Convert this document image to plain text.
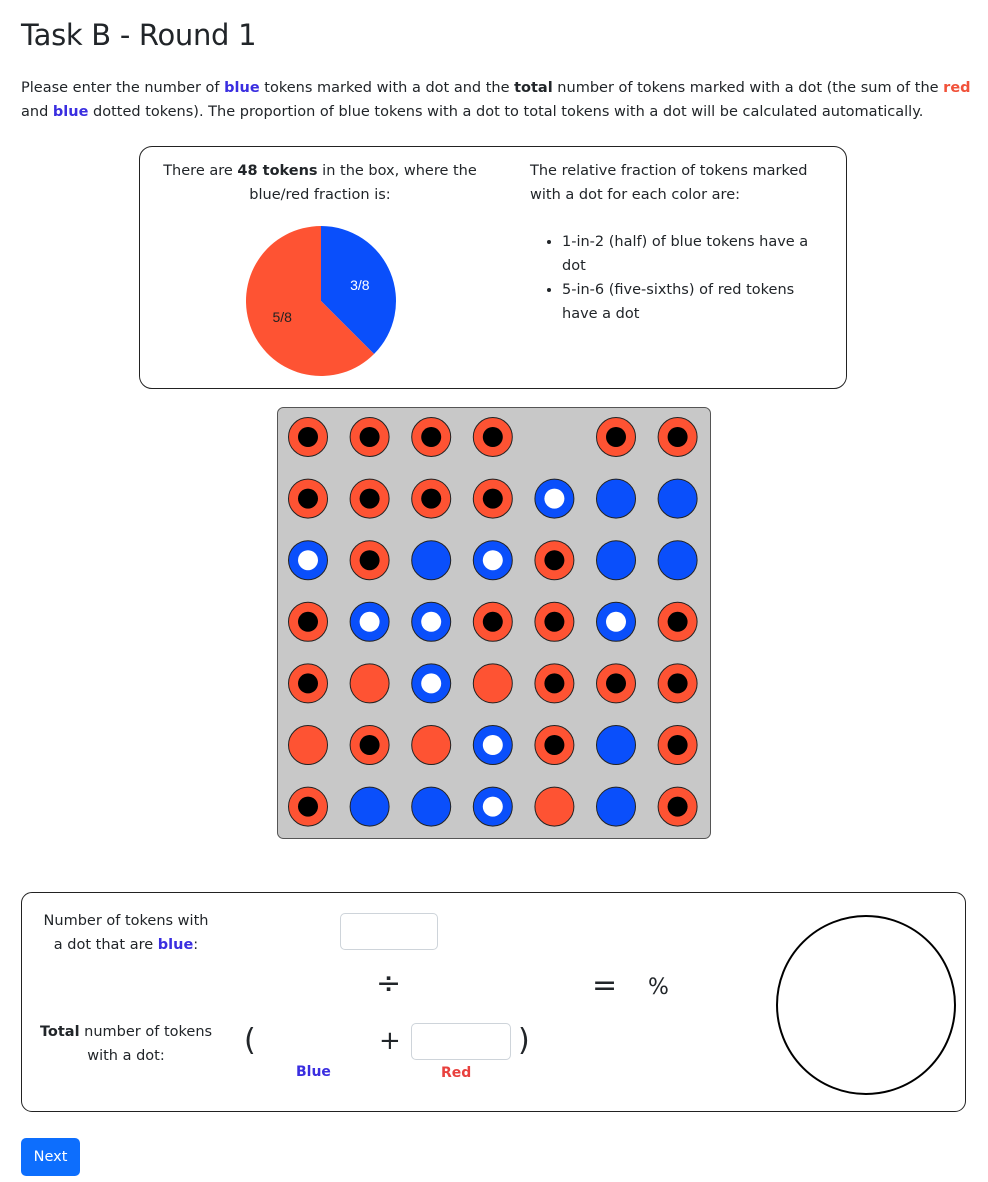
Task B - Round 1

Please enter the number of blue tokens marked with a dot and the total number of tokens marked with a dot (the sum of the red and blue dotted tokens). The proportion of blue tokens with a dot to total tokens with a dot will be calculated automatically.

There are 48 tokens in the box, where the blue/red fraction is:

3/8
5/8

The relative fraction of tokens marked with a dot for each color are:

• 1-in-2 (half) of blue tokens have a dot
• 5-in-6 (five-sixths) of red tokens have a dot

Number of tokens with
a dot that are blue:

÷	= %

Total number of tokens
with a dot:	(	+	)
Blue	Red
Next
